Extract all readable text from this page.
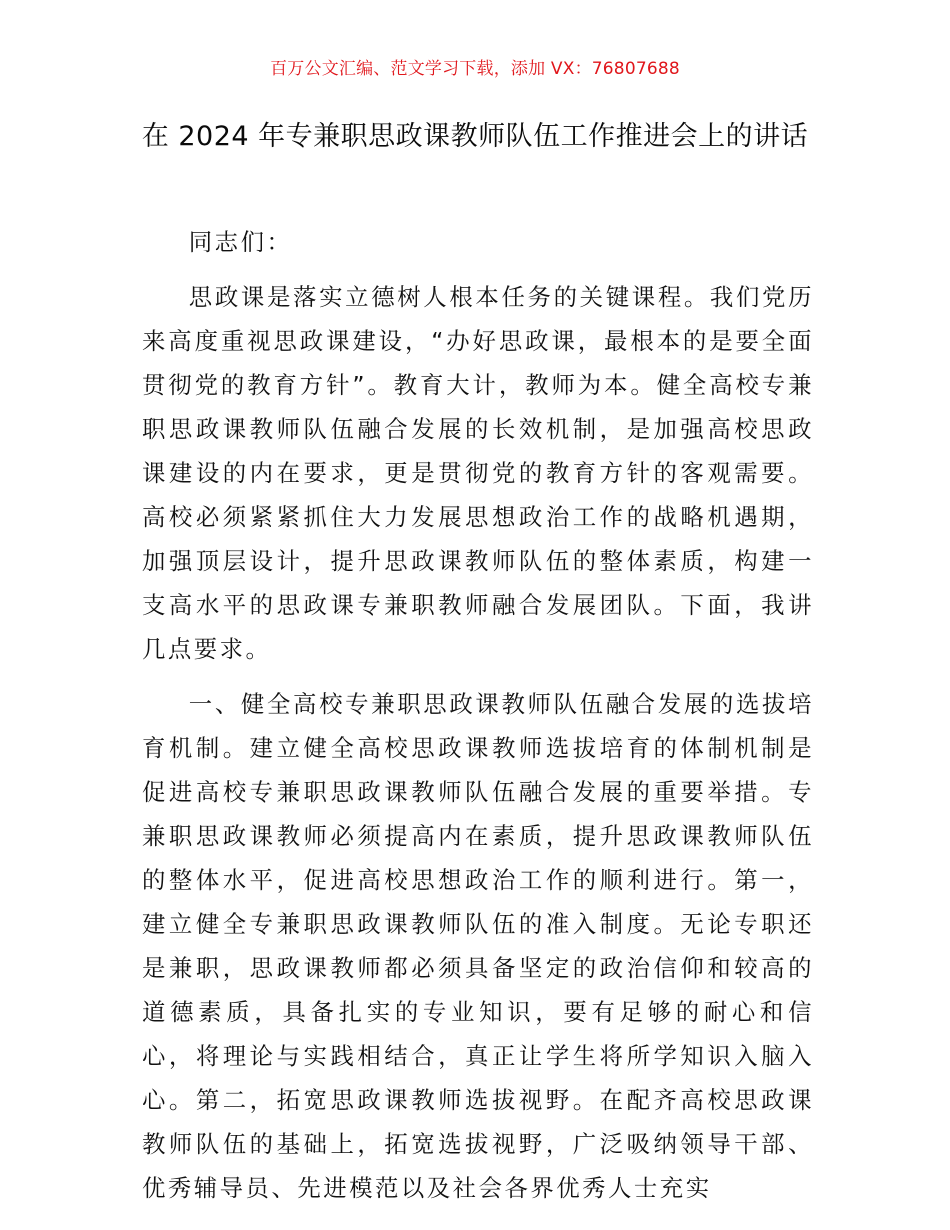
百万公文汇编、范文学习下载，添加 VX：76807688
在 2024 年专兼职思政课教师队伍工作推进会上的讲话

同志们：

思政课是落实立德树人根本任务的关键课程。我们党历来高度重视思政课建设，“办好思政课，最根本的是要全面贯彻党的教育方针”。教育大计，教师为本。健全高校专兼职思政课教师队伍融合发展的长效机制，是加强高校思政课建设的内在要求，更是贯彻党的教育方针的客观需要。高校必须紧紧抓住大力发展思想政治工作的战略机遇期，加强顶层设计，提升思政课教师队伍的整体素质，构建一支高水平的思政课专兼职教师融合发展团队。下面，我讲几点要求。

一、健全高校专兼职思政课教师队伍融合发展的选拔培育机制。建立健全高校思政课教师选拔培育的体制机制是促进高校专兼职思政课教师队伍融合发展的重要举措。专兼职思政课教师必须提高内在素质，提升思政课教师队伍的整体水平，促进高校思想政治工作的顺利进行。第一，建立健全专兼职思政课教师队伍的准入制度。无论专职还是兼职，思政课教师都必须具备坚定的政治信仰和较高的道德素质，具备扎实的专业知识，要有足够的耐心和信心，将理论与实践相结合，真正让学生将所学知识入脑入心。第二，拓宽思政课教师选拔视野。在配齐高校思政课教师队伍的基础上，拓宽选拔视野，广泛吸纳领导干部、优秀辅导员、先进模范以及社会各界优秀人士充实
